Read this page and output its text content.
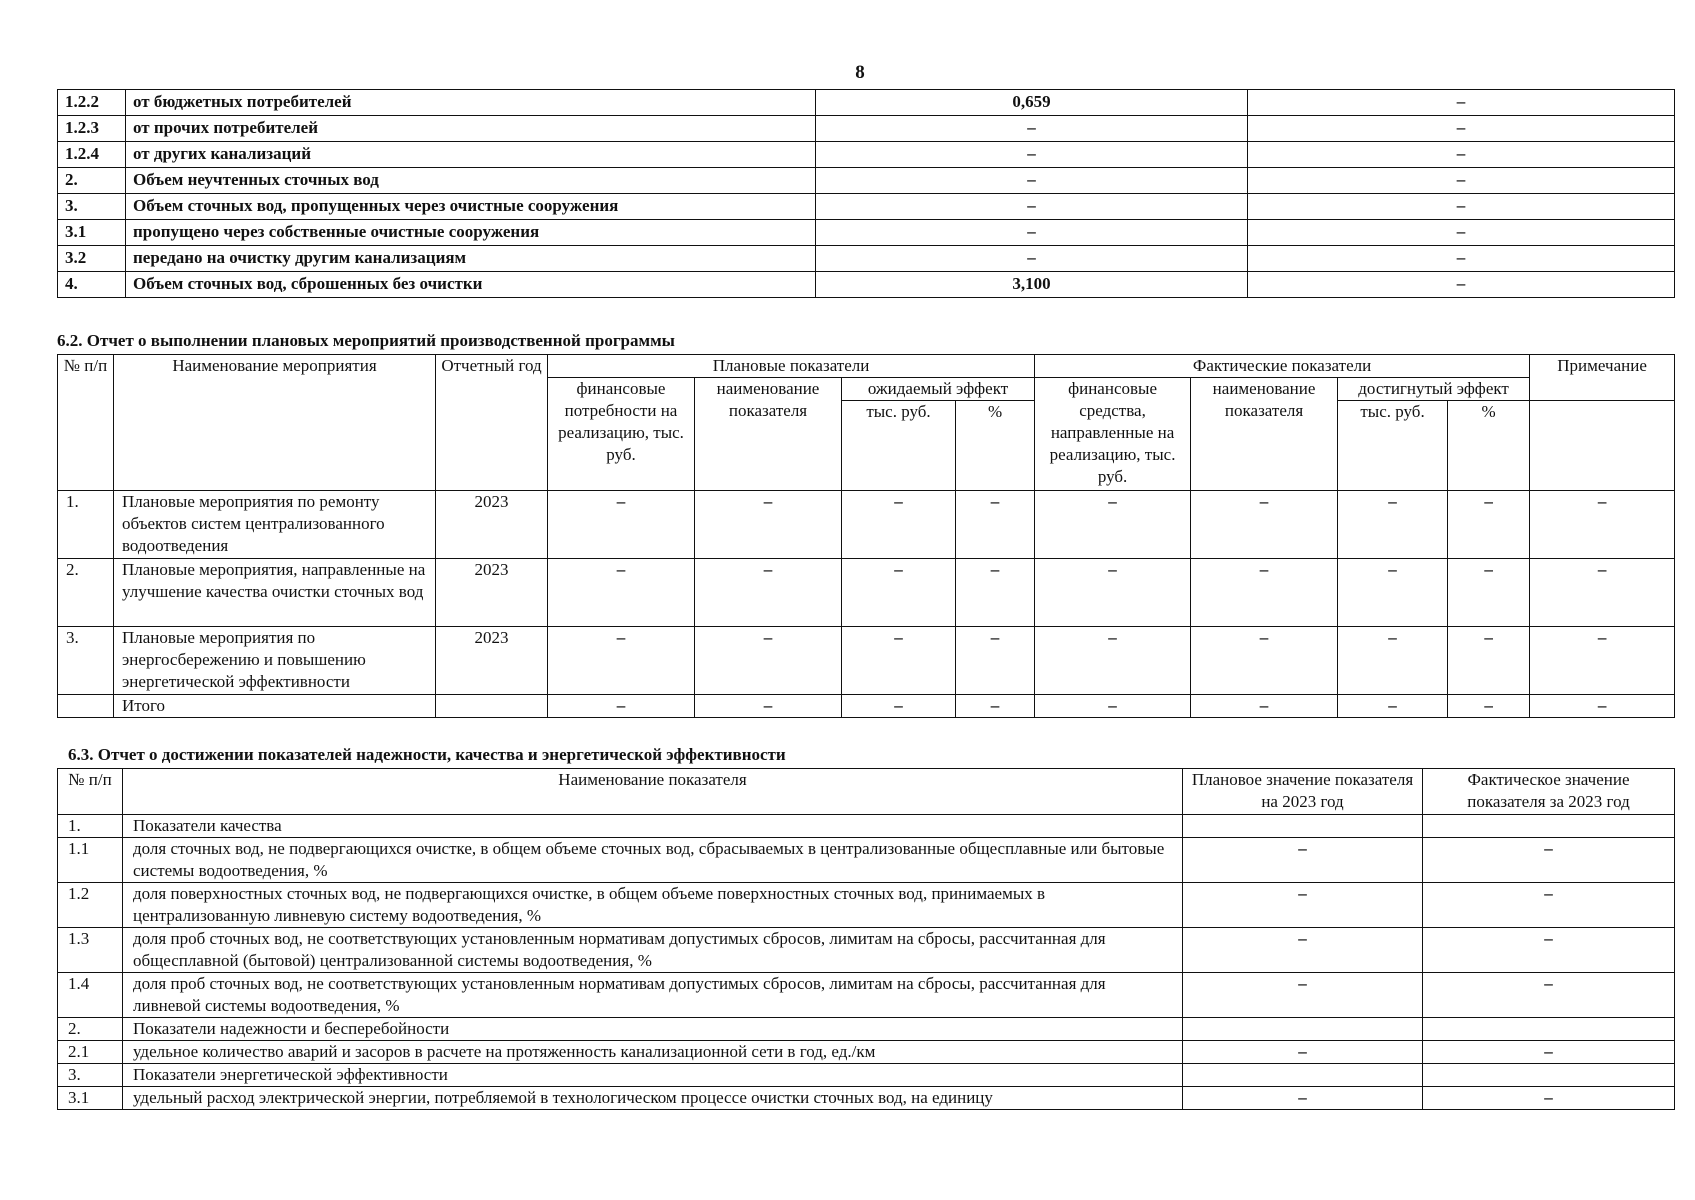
8
1.2.2	от бюджетных потребителей	0,659	–
1.2.3	от прочих потребителей	–	–
1.2.4	от других канализаций	–	–
2.	Объем неучтенных сточных вод	–	–
3.	Объем сточных вод, пропущенных через очистные сооружения	–	–
3.1	пропущено через собственные очистные сооружения	–	–
3.2	передано на очистку другим канализациям	–	–
4.	Объем сточных вод, сброшенных без очистки	3,100	–
6.2. Отчет о выполнении плановых мероприятий производственной программы
№ п/п	Наименование мероприятия	Отчетный год	Плановые показатели				Фактические показатели				Примечание
			финансовые потребности на реализацию, тыс. руб.	наименование показателя	ожидаемый эффект		финансовые средства, направленные на реализацию, тыс. руб.	наименование показателя	достигнутый эффект		
					тыс. руб.	%			тыс. руб.	%	
1.	Плановые мероприятия по ремонту объектов систем централизованного водоотведения	2023	–	–	–	–	–	–	–	–	–
2.	Плановые мероприятия, направленные на улучшение качества очистки сточных вод	2023	–	–	–	–	–	–	–	–	–
3.	Плановые мероприятия по энергосбережению и повышению энергетической эффективности	2023	–	–	–	–	–	–	–	–	–
	Итого		–	–	–	–	–	–	–	–	–
6.3. Отчет о достижении показателей надежности, качества и энергетической эффективности
№ п/п	Наименование показателя	Плановое значение показателя на 2023 год	Фактическое значение показателя за 2023 год
1.	Показатели качества		
1.1	доля сточных вод, не подвергающихся очистке, в общем объеме сточных вод, сбрасываемых в централизованные общесплавные или бытовые системы водоотведения, %	–	–
1.2	доля поверхностных сточных вод, не подвергающихся очистке, в общем объеме поверхностных сточных вод, принимаемых в централизованную ливневую систему водоотведения, %	–	–
1.3	доля проб сточных вод, не соответствующих установленным нормативам допустимых сбросов, лимитам на сбросы, рассчитанная для общесплавной (бытовой) централизованной системы водоотведения, %	–	–
1.4	доля проб сточных вод, не соответствующих установленным нормативам допустимых сбросов, лимитам на сбросы, рассчитанная для ливневой системы водоотведения, %	–	–
2.	Показатели надежности и бесперебойности		
2.1	удельное количество аварий и засоров в расчете на протяженность канализационной сети в год, ед./км	–	–
3.	Показатели энергетической эффективности		
3.1	удельный расход электрической энергии, потребляемой в технологическом процессе очистки сточных вод, на единицу	–	–
